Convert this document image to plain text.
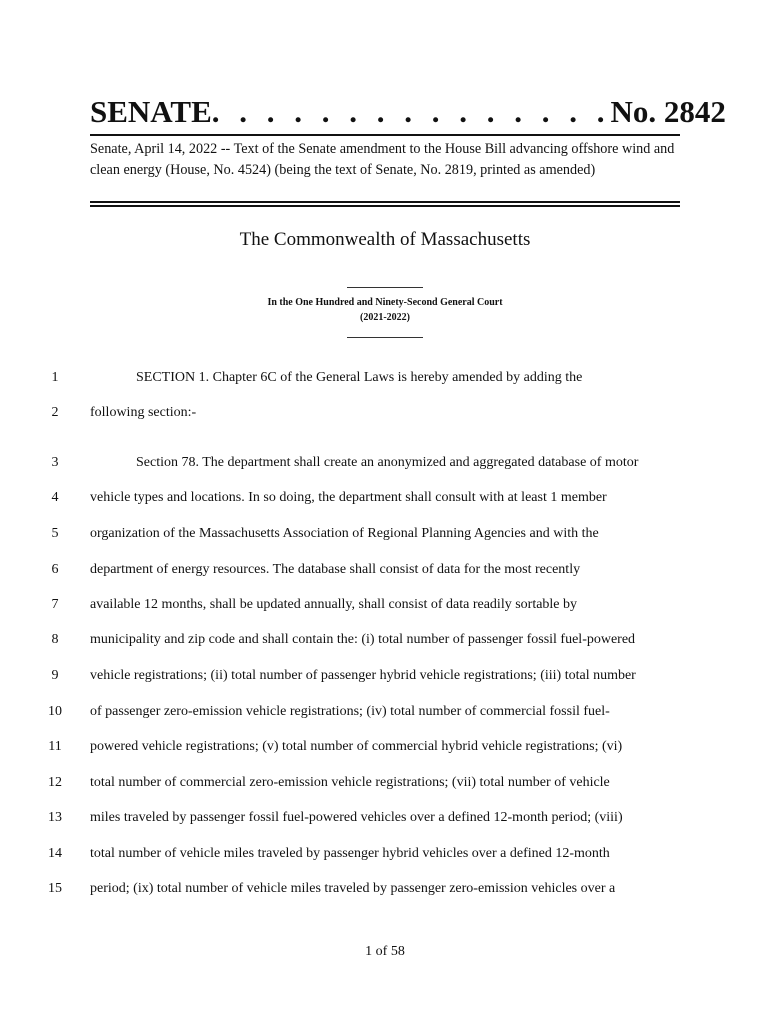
SENATE . . . . . . . . . . . . . . . No. 2842
Senate, April 14, 2022 -- Text of the Senate amendment to the House Bill advancing offshore wind and clean energy (House, No. 4524) (being the text of Senate, No. 2819, printed as amended)
The Commonwealth of Massachusetts
In the One Hundred and Ninety-Second General Court
(2021-2022)
1	SECTION 1. Chapter 6C of the General Laws is hereby amended by adding the
2	following section:-
3	Section 78. The department shall create an anonymized and aggregated database of motor
4	vehicle types and locations. In so doing, the department shall consult with at least 1 member
5	organization of the Massachusetts Association of Regional Planning Agencies and with the
6	department of energy resources. The database shall consist of data for the most recently
7	available 12 months, shall be updated annually, shall consist of data readily sortable by
8	municipality and zip code and shall contain the: (i) total number of passenger fossil fuel-powered
9	vehicle registrations; (ii) total number of passenger hybrid vehicle registrations; (iii) total number
10	of passenger zero-emission vehicle registrations; (iv) total number of commercial fossil fuel-
11	powered vehicle registrations; (v) total number of commercial hybrid vehicle registrations; (vi)
12	total number of commercial zero-emission vehicle registrations; (vii) total number of vehicle
13	miles traveled by passenger fossil fuel-powered vehicles over a defined 12-month period; (viii)
14	total number of vehicle miles traveled by passenger hybrid vehicles over a defined 12-month
15	period; (ix) total number of vehicle miles traveled by passenger zero-emission vehicles over a
1 of 58
